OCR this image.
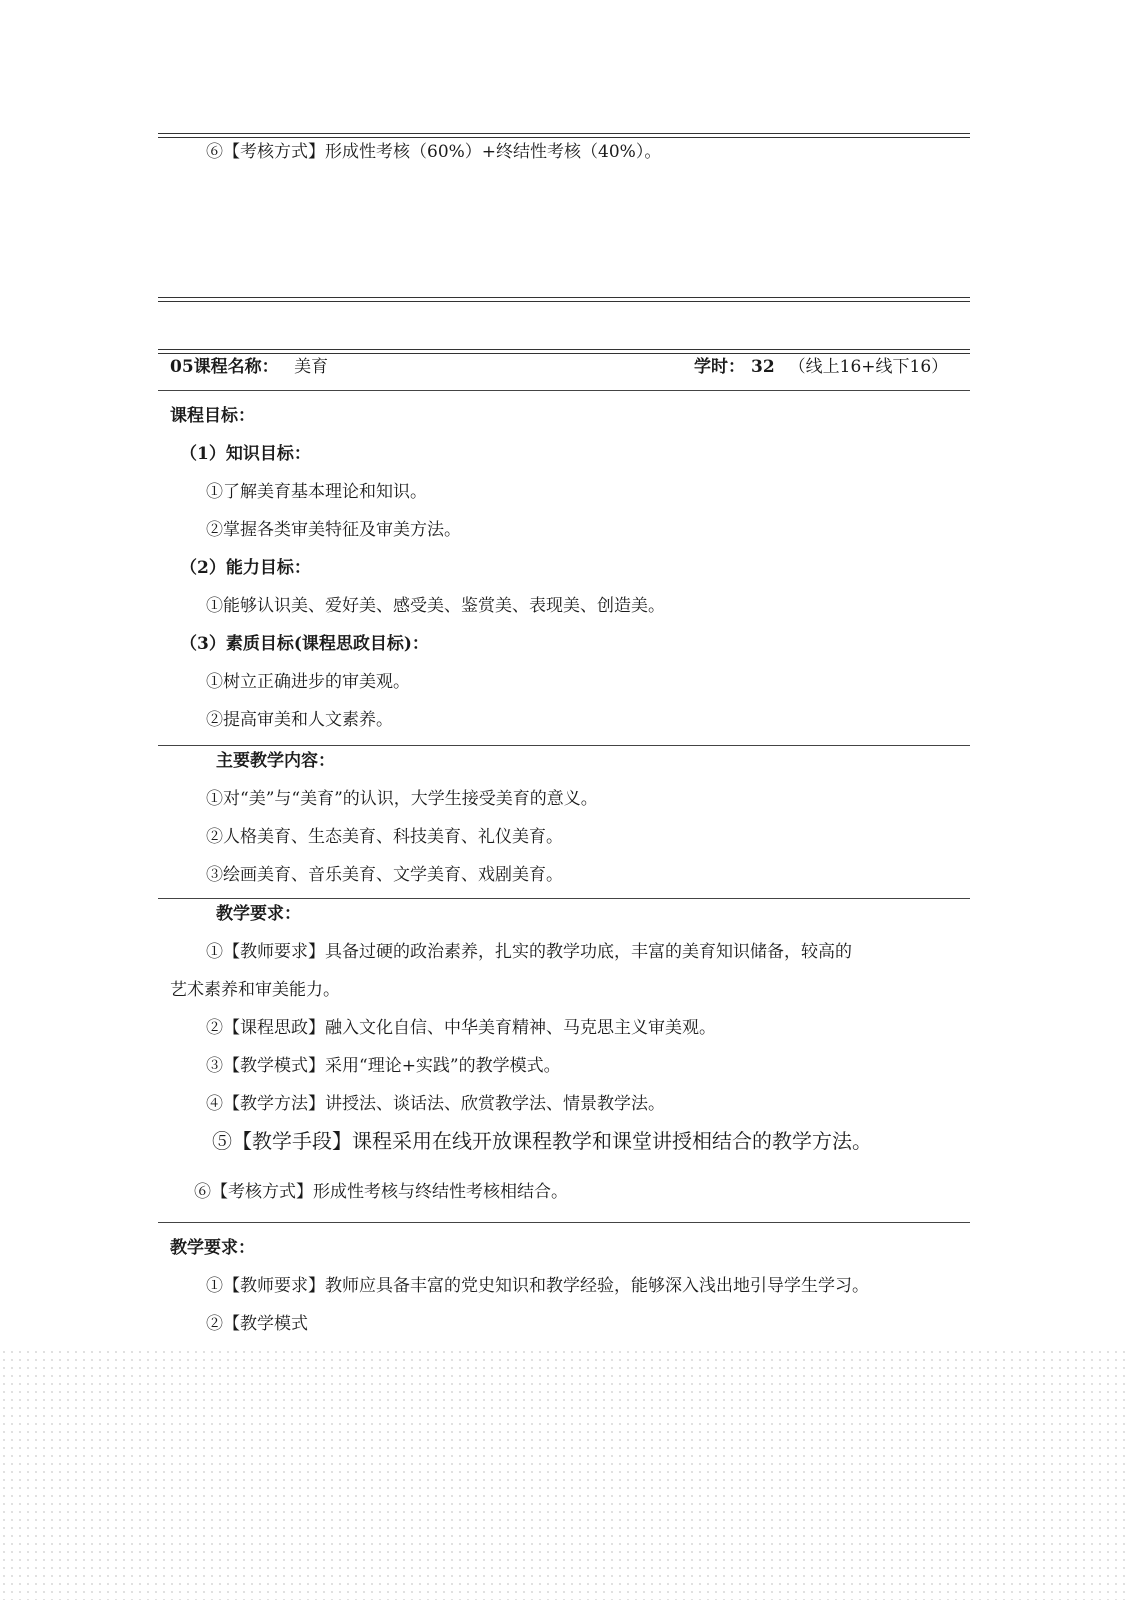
⑥【考核方式】形成性考核（60%）+终结性考核（40%）。
05课程名称： 美育	学时： 32 （线上16+线下16）
课程目标：
（1）知识目标：
①了解美育基本理论和知识。
②掌握各类审美特征及审美方法。
（2）能力目标：
①能够认识美、爱好美、感受美、鉴赏美、表现美、创造美。
（3）素质目标(课程思政目标)：
①树立正确进步的审美观。
②提高审美和人文素养。
主要教学内容：
①对“美”与“美育”的认识，大学生接受美育的意义。
②人格美育、生态美育、科技美育、礼仪美育。
③绘画美育、音乐美育、文学美育、戏剧美育。
教学要求：
①【教师要求】具备过硬的政治素养，扎实的教学功底，丰富的美育知识储备，较高的
艺术素养和审美能力。
②【课程思政】融入文化自信、中华美育精神、马克思主义审美观。
③【教学模式】采用“理论+实践”的教学模式。
④【教学方法】讲授法、谈话法、欣赏教学法、情景教学法。
⑤【教学手段】课程采用在线开放课程教学和课堂讲授相结合的教学方法。
⑥【考核方式】形成性考核与终结性考核相结合。
教学要求：
①【教师要求】教师应具备丰富的党史知识和教学经验，能够深入浅出地引导学生学习。
②【教学模式
